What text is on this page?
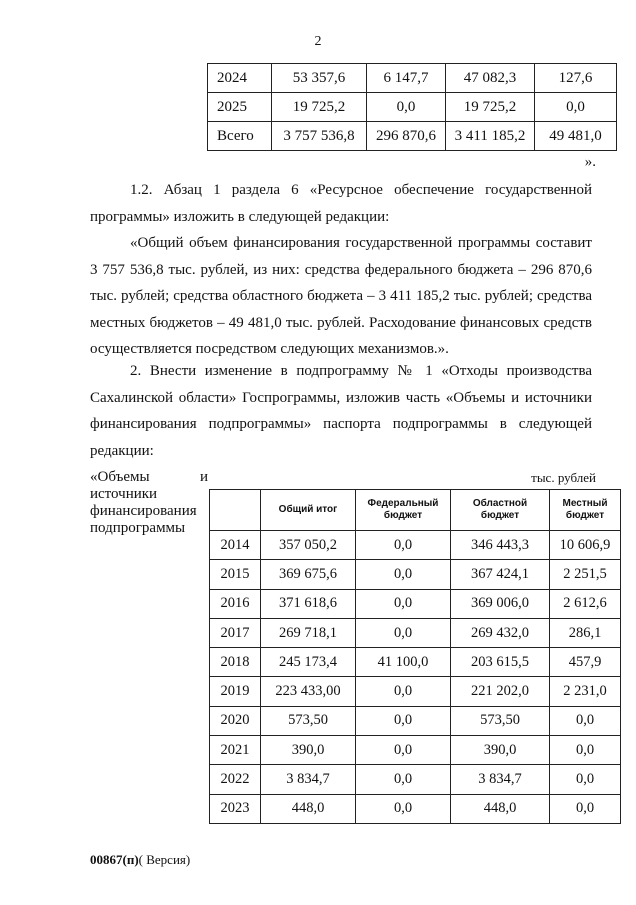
2
2024	53 357,6	6 147,7	47 082,3	127,6
2025	19 725,2	0,0	19 725,2	0,0
Всего	3 757 536,8	296 870,6	3 411 185,2	49 481,0
».

1.2. Абзац 1 раздела 6 «Ресурсное обеспечение государственной
программы» изложить в следующей редакции:

«Общий объем финансирования государственной программы составит
3 757 536,8 тыс. рублей, из них: средства федерального бюджета – 296 870,6
тыс. рублей; средства областного бюджета – 3 411 185,2 тыс. рублей; средства
местных бюджетов – 49 481,0 тыс. рублей. Расходование финансовых средств
осуществляется посредством следующих механизмов.».

2. Внести изменение в подпрограмму № 1 «Отходы производства
Сахалинской области» Госпрограммы, изложив часть «Объемы и источники
финансирования подпрограммы» паспорта подпрограммы в следующей
редакции:

«Объемы	и
источники
финансирования
подпрограммы
тыс. рублей
	Общий итог	Федеральный бюджет	Областной бюджет	Местный бюджет
2014	357 050,2	0,0	346 443,3	10 606,9
2015	369 675,6	0,0	367 424,1	2 251,5
2016	371 618,6	0,0	369 006,0	2 612,6
2017	269 718,1	0,0	269 432,0	286,1
2018	245 173,4	41 100,0	203 615,5	457,9
2019	223 433,00	0,0	221 202,0	2 231,0
2020	573,50	0,0	573,50	0,0
2021	390,0	0,0	390,0	0,0
2022	3 834,7	0,0	3 834,7	0,0
2023	448,0	0,0	448,0	0,0
00867(п)( Версия)
